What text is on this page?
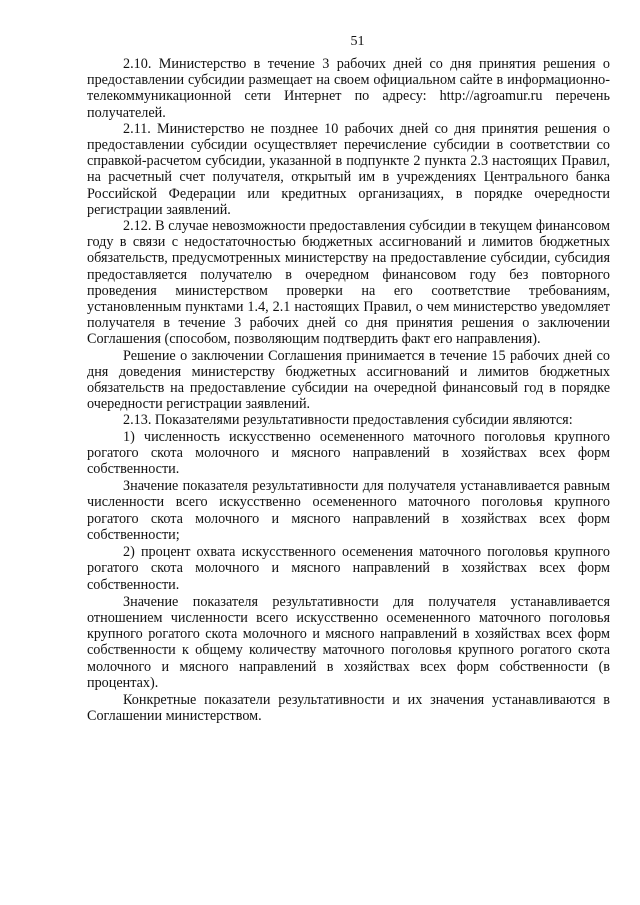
51

2.10. Министерство в течение 3 рабочих дней со дня принятия решения о предоставлении субсидии размещает на своем официальном сайте в информационно-телекоммуникационной сети Интернет по адресу: http://agroamur.ru перечень получателей.

2.11. Министерство не позднее 10 рабочих дней со дня принятия решения о предоставлении субсидии осуществляет перечисление субсидии в соответствии со справкой-расчетом субсидии, указанной в подпункте 2 пункта 2.3 настоящих Правил, на расчетный счет получателя, открытый им в учреждениях Центрального банка Российской Федерации или кредитных организациях, в порядке очередности регистрации заявлений.

2.12. В случае невозможности предоставления субсидии в текущем финансовом году в связи с недостаточностью бюджетных ассигнований и лимитов бюджетных обязательств, предусмотренных министерству на предоставление субсидии, субсидия предоставляется получателю в очередном финансовом году без повторного проведения министерством проверки на его соответствие требованиям, установленным пунктами 1.4, 2.1 настоящих Правил, о чем министерство уведомляет получателя в течение 3 рабочих дней со дня принятия решения о заключении Соглашения (способом, позволяющим подтвердить факт его направления).

Решение о заключении Соглашения принимается в течение 15 рабочих дней со дня доведения министерству бюджетных ассигнований и лимитов бюджетных обязательств на предоставление субсидии на очередной финансовый год в порядке очередности регистрации заявлений.

2.13. Показателями результативности предоставления субсидии являются:

1) численность искусственно осемененного маточного поголовья крупного рогатого скота молочного и мясного направлений в хозяйствах всех форм собственности.

Значение показателя результативности для получателя устанавливается равным численности всего искусственно осемененного маточного поголовья крупного рогатого скота молочного и мясного направлений в хозяйствах всех форм собственности;

2) процент охвата искусственного осеменения маточного поголовья крупного рогатого скота молочного и мясного направлений в хозяйствах всех форм собственности.

Значение показателя результативности для получателя устанавливается отношением численности всего искусственно осемененного маточного поголовья крупного рогатого скота молочного и мясного направлений в хозяйствах всех форм собственности к общему количеству маточного поголовья крупного рогатого скота молочного и мясного направлений в хозяйствах всех форм собственности (в процентах).

Конкретные показатели результативности и их значения устанавливаются в Соглашении министерством.
